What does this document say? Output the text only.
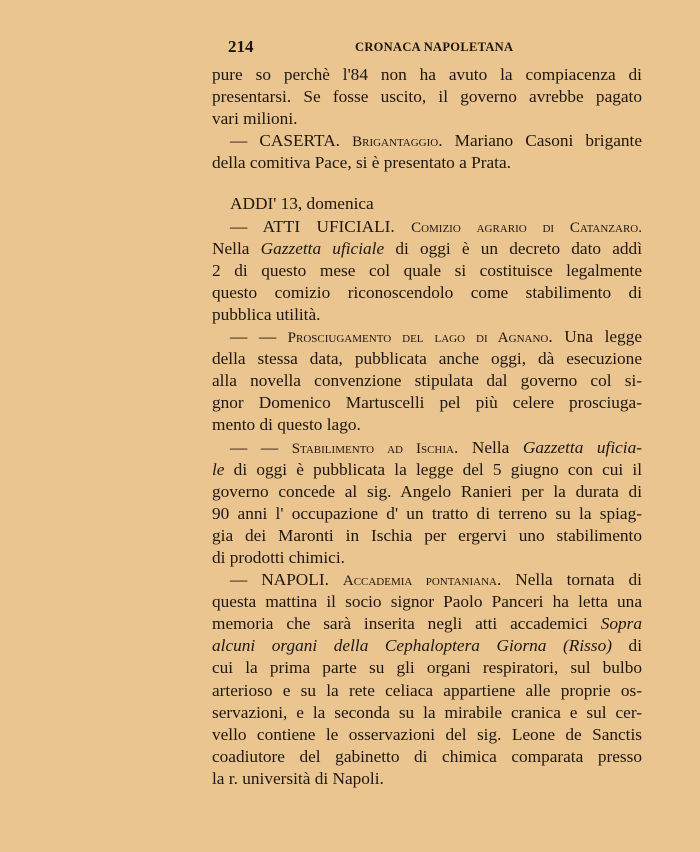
214	CRONACA NAPOLETANA
pure so perchè l'84 non ha avuto la compiacenza di
presentarsi. Se fosse uscito, il governo avrebbe pagato
vari milioni.
— CASERTA. Brigantaggio. Mariano Casoni brigante
della comitiva Pace, si è presentato a Prata.
ADDI' 13, domenica
— ATTI UFICIALI. Comizio agrario di Catanzaro.
Nella Gazzetta uficiale di oggi è un decreto dato addì
2 di questo mese col quale si costituisce legalmente
questo comizio riconoscendolo come stabilimento di
pubblica utilità.
— — Prosciugamento del lago di Agnano. Una legge
della stessa data, pubblicata anche oggi, dà esecuzione
alla novella convenzione stipulata dal governo col si-
gnor Domenico Martuscelli pel più celere prosciuga-
mento di questo lago.
— — Stabilimento ad Ischia. Nella Gazzetta uficia-
le di oggi è pubblicata la legge del 5 giugno con cui il
governo concede al sig. Angelo Ranieri per la durata di
90 anni l' occupazione d' un tratto di terreno su la spiag-
gia dei Maronti in Ischia per ergervi uno stabilimento
di prodotti chimici.
— NAPOLI. Accademia pontaniana. Nella tornata di
questa mattina il socio signor Paolo Panceri ha letta una
memoria che sarà inserita negli atti accademici Sopra
alcuni organi della Cephaloptera Giorna (Risso) di
cui la prima parte su gli organi respiratori, sul bulbo
arterioso e su la rete celiaca appartiene alle proprie os-
servazioni, e la seconda su la mirabile cranica e sul cer-
vello contiene le osservazioni del sig. Leone de Sanctis
coadiutore del gabinetto di chimica comparata presso
la r. università di Napoli.
